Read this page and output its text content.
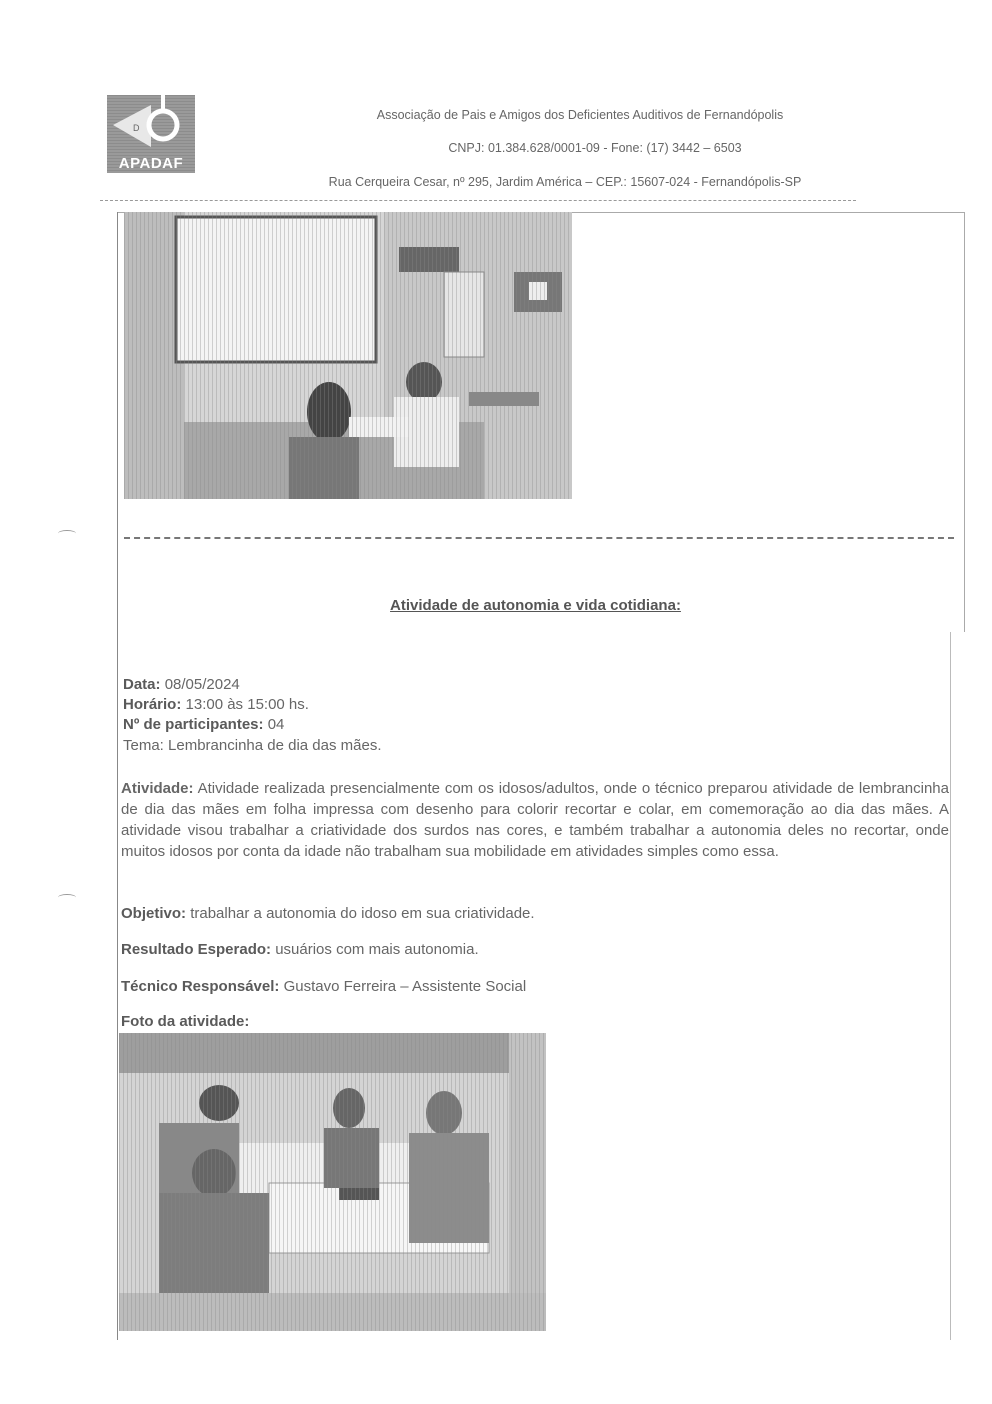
D
APADAF
Associação de Pais e Amigos dos Deficientes Auditivos de Fernandópolis
CNPJ: 01.384.628/0001-09 - Fone: (17) 3442 – 6503
Rua Cerqueira Cesar, nº 295, Jardim América – CEP.: 15607-024 - Fernandópolis-SP
Atividade de autonomia e vida cotidiana:
Data: 08/05/2024
Horário: 13:00 às 15:00 hs.
Nº de participantes: 04
Tema: Lembrancinha de dia das mães.
Atividade: Atividade realizada presencialmente com os idosos/adultos, onde o técnico preparou atividade de lembrancinha de dia das mães em folha impressa com desenho para colorir recortar e colar, em comemoração ao dia das mães. A atividade visou trabalhar a criatividade dos surdos nas cores, e também trabalhar a autonomia deles no recortar, onde muitos idosos por conta da idade não trabalham sua mobilidade em atividades simples como essa.
Objetivo: trabalhar a autonomia do idoso em sua criatividade.
Resultado Esperado: usuários com mais autonomia.
Técnico Responsável: Gustavo Ferreira – Assistente Social
Foto da atividade:
